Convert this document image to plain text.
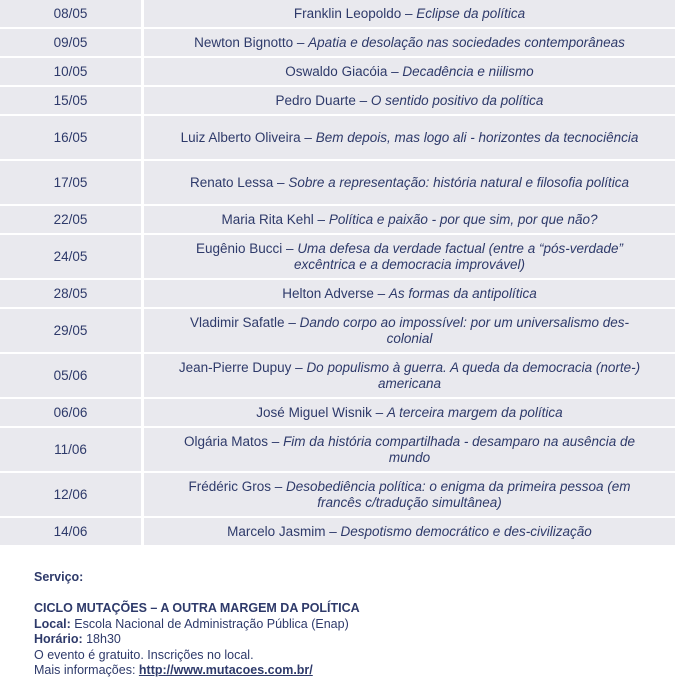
08/05	Franklin Leopoldo – Eclipse da política
09/05	Newton Bignotto – Apatia e desolação nas sociedades contemporâneas
10/05	Oswaldo Giacóia – Decadência e niilismo
15/05	Pedro Duarte – O sentido positivo da política
16/05	Luiz Alberto Oliveira – Bem depois, mas logo ali - horizontes da tecnociência
17/05	Renato Lessa – Sobre a representação: história natural e filosofia política
22/05	Maria Rita Kehl – Política e paixão - por que sim, por que não?
24/05	Eugênio Bucci – Uma defesa da verdade factual (entre a “pós-verdade” excêntrica e a democracia improvável)
28/05	Helton Adverse – As formas da antipolítica
29/05	Vladimir Safatle – Dando corpo ao impossível: por um universalismo des-colonial
05/06	Jean-Pierre Dupuy – Do populismo à guerra. A queda da democracia (norte-) americana
06/06	José Miguel Wisnik – A terceira margem da política
11/06	Olgária Matos – Fim da história compartilhada - desamparo na ausência de mundo
12/06	Frédéric Gros – Desobediência política: o enigma da primeira pessoa (em francês c/tradução simultânea)
14/06	Marcelo Jasmim – Despotismo democrático e des-civilização
Serviço:
CICLO MUTAÇÕES – A OUTRA MARGEM DA POLÍTICA
Local: Escola Nacional de Administração Pública (Enap)
Horário: 18h30
O evento é gratuito. Inscrições no local.
Mais informações: http://www.mutacoes.com.br/
